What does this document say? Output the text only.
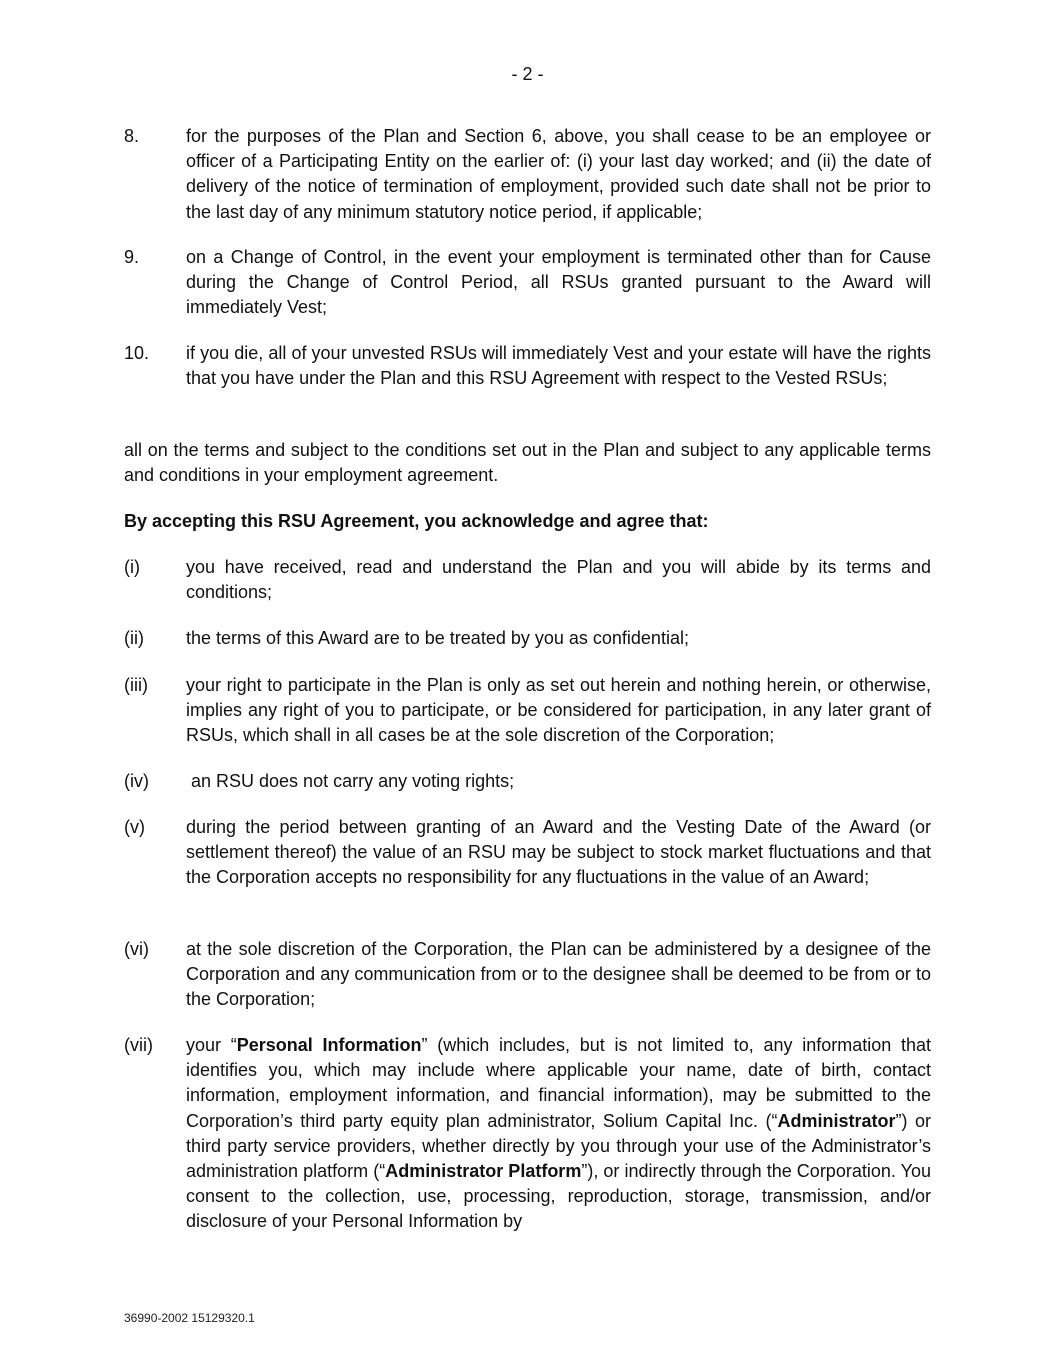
- 2 -
8.	for the purposes of the Plan and Section 6, above, you shall cease to be an employee or officer of a Participating Entity on the earlier of: (i) your last day worked; and (ii) the date of delivery of the notice of termination of employment, provided such date shall not be prior to the last day of any minimum statutory notice period, if applicable;
9.	on a Change of Control, in the event your employment is terminated other than for Cause during the Change of Control Period, all RSUs granted pursuant to the Award will immediately Vest;
10.	if you die, all of your unvested RSUs will immediately Vest and your estate will have the rights that you have under the Plan and this RSU Agreement with respect to the Vested RSUs;
all on the terms and subject to the conditions set out in the Plan and subject to any applicable terms and conditions in your employment agreement.
By accepting this RSU Agreement, you acknowledge and agree that:
(i)	you have received, read and understand the Plan and you will abide by its terms and conditions;
(ii)	the terms of this Award are to be treated by you as confidential;
(iii)	your right to participate in the Plan is only as set out herein and nothing herein, or otherwise, implies any right of you to participate, or be considered for participation, in any later grant of RSUs, which shall in all cases be at the sole discretion of the Corporation;
(iv)	an RSU does not carry any voting rights;
(v)	during the period between granting of an Award and the Vesting Date of the Award (or settlement thereof) the value of an RSU may be subject to stock market fluctuations and that the Corporation accepts no responsibility for any fluctuations in the value of an Award;
(vi)	at the sole discretion of the Corporation, the Plan can be administered by a designee of the Corporation and any communication from or to the designee shall be deemed to be from or to the Corporation;
(vii)	your “Personal Information” (which includes, but is not limited to, any information that identifies you, which may include where applicable your name, date of birth, contact information, employment information, and financial information), may be submitted to the Corporation’s third party equity plan administrator, Solium Capital Inc. (“Administrator”) or third party service providers, whether directly by you through your use of the Administrator’s administration platform (“Administrator Platform”), or indirectly through the Corporation. You consent to the collection, use, processing, reproduction, storage, transmission, and/or disclosure of your Personal Information by
36990-2002 15129320.1
